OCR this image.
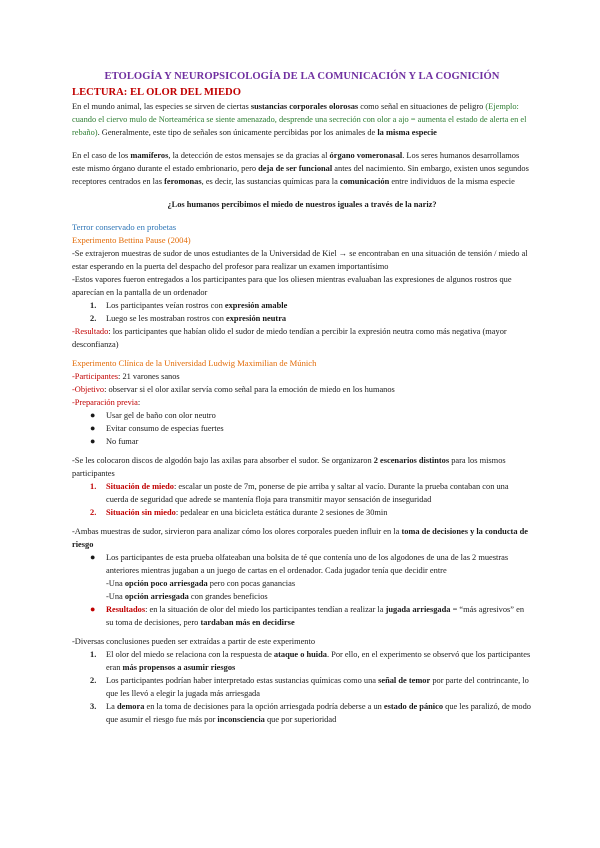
ETOLOGÍA Y NEUROPSICOLOGÍA DE LA COMUNICACIÓN Y LA COGNICIÓN

LECTURA: EL OLOR DEL MIEDO

En el mundo animal, las especies se sirven de ciertas sustancias corporales olorosas como señal en situaciones de peligro (Ejemplo: cuando el ciervo mulo de Norteamérica se siente amenazado, desprende una secreción con olor a ajo = aumenta el estado de alerta en el rebaño). Generalmente, este tipo de señales son únicamente percibidas por los animales de la misma especie

En el caso de los mamíferos, la detección de estos mensajes se da gracias al órgano vomeronasal. Los seres humanos desarrollamos este mismo órgano durante el estado embrionario, pero deja de ser funcional antes del nacimiento. Sin embargo, existen unos segundos receptores centrados en las feromonas, es decir, las sustancias químicas para la comunicación entre individuos de la misma especie

¿Los humanos percibimos el miedo de nuestros iguales a través de la nariz?

Terror conservado en probetas

Experimento Bettina Pause (2004)

-Se extrajeron muestras de sudor de unos estudiantes de la Universidad de Kiel → se encontraban en una situación de tensión / miedo al estar esperando en la puerta del despacho del profesor para realizar un examen importantísimo

-Estos vapores fueron entregados a los participantes para que los oliesen mientras evaluaban las expresiones de algunos rostros que aparecían en la pantalla de un ordenador

1. Los participantes veían rostros con expresión amable
2. Luego se les mostraban rostros con expresión neutra

-Resultado: los participantes que habían olido el sudor de miedo tendían a percibir la expresión neutra como más negativa (mayor desconfianza)

Experimento Clínica de la Universidad Ludwig Maximilian de Múnich

-Participantes: 21 varones sanos

-Objetivo: observar si el olor axilar servía como señal para la emoción de miedo en los humanos

-Preparación previa:

● Usar gel de baño con olor neutro
● Evitar consumo de especias fuertes
● No fumar

-Se les colocaron discos de algodón bajo las axilas para absorber el sudor. Se organizaron 2 escenarios distintos para los mismos participantes

1. Situación de miedo: escalar un poste de 7m, ponerse de pie arriba y saltar al vacío. Durante la prueba contaban con una cuerda de seguridad que adrede se mantenía floja para transmitir mayor sensación de inseguridad
2. Situación sin miedo: pedalear en una bicicleta estática durante 2 sesiones de 30min

-Ambas muestras de sudor, sirvieron para analizar cómo los olores corporales pueden influir en la toma de decisiones y la conducta de riesgo

● Los participantes de esta prueba olfateaban una bolsita de té que contenía uno de los algodones de una de las 2 muestras anteriores mientras jugaban a un juego de cartas en el ordenador. Cada jugador tenía que decidir entre
-Una opción poco arriesgada pero con pocas ganancias
-Una opción arriesgada con grandes beneficios
● Resultados: en la situación de olor del miedo los participantes tendían a realizar la jugada arriesgada = “más agresivos” en su toma de decisiones, pero tardaban más en decidirse

-Diversas conclusiones pueden ser extraídas a partir de este experimento

1. El olor del miedo se relaciona con la respuesta de ataque o huida. Por ello, en el experimento se observó que los participantes eran más propensos a asumir riesgos
2. Los participantes podrían haber interpretado estas sustancias químicas como una señal de temor por parte del contrincante, lo que les llevó a elegir la jugada más arriesgada
3. La demora en la toma de decisiones para la opción arriesgada podría deberse a un estado de pánico que les paralizó, de modo que asumir el riesgo fue más por inconsciencia que por superioridad
